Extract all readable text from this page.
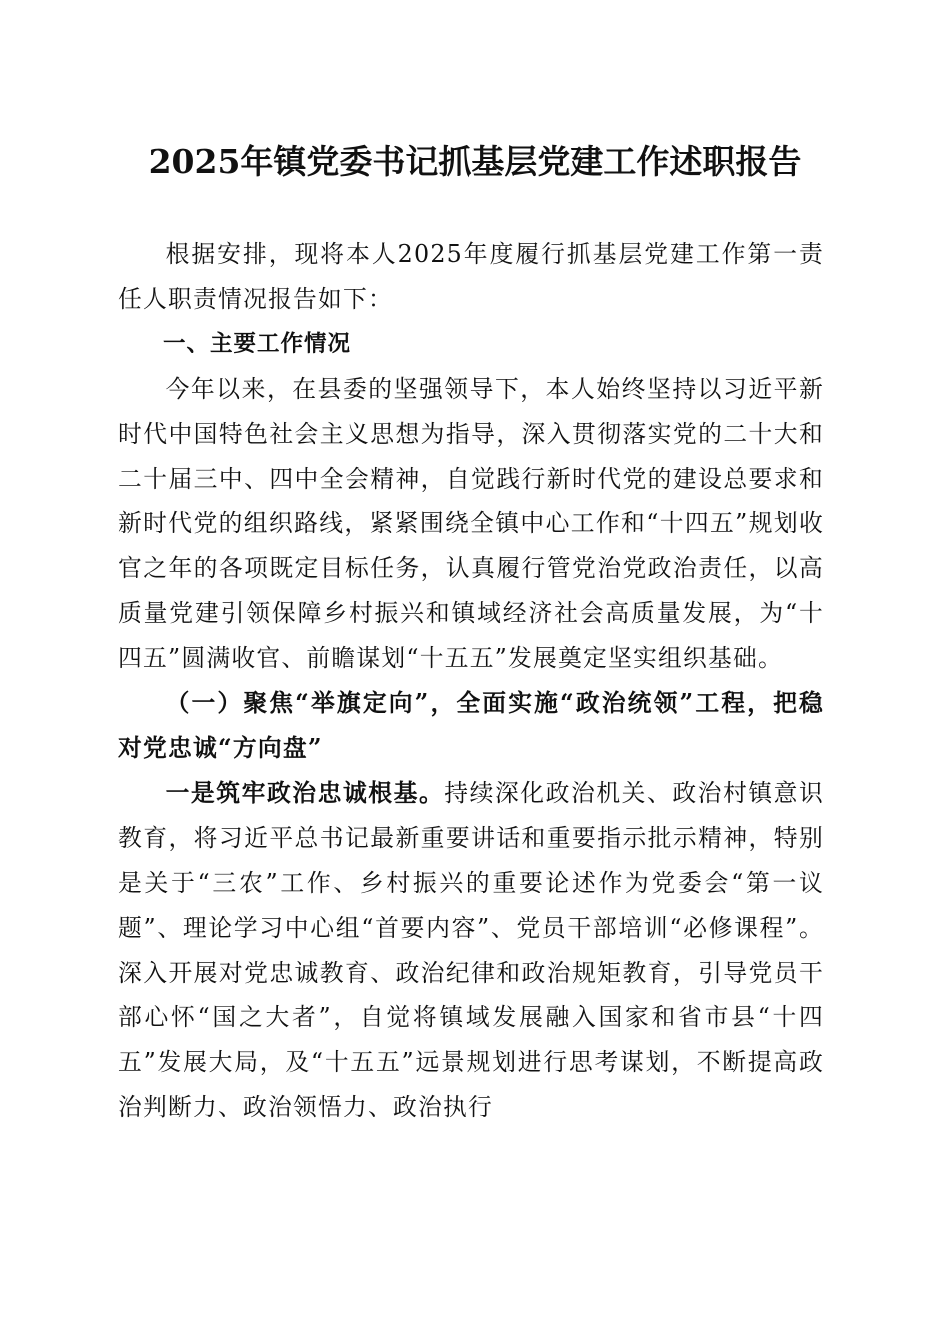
2025年镇党委书记抓基层党建工作述职报告

根据安排，现将本人2025年度履行抓基层党建工作第一责任人职责情况报告如下：

一、主要工作情况

今年以来，在县委的坚强领导下，本人始终坚持以习近平新时代中国特色社会主义思想为指导，深入贯彻落实党的二十大和二十届三中、四中全会精神，自觉践行新时代党的建设总要求和新时代党的组织路线，紧紧围绕全镇中心工作和“十四五”规划收官之年的各项既定目标任务，认真履行管党治党政治责任，以高质量党建引领保障乡村振兴和镇域经济社会高质量发展，为“十四五”圆满收官、前瞻谋划“十五五”发展奠定坚实组织基础。

（一）聚焦“举旗定向”，全面实施“政治统领”工程，把稳对党忠诚“方向盘”

一是筑牢政治忠诚根基。持续深化政治机关、政治村镇意识教育，将习近平总书记最新重要讲话和重要指示批示精神，特别是关于“三农”工作、乡村振兴的重要论述作为党委会“第一议题”、理论学习中心组“首要内容”、党员干部培训“必修课程”。深入开展对党忠诚教育、政治纪律和政治规矩教育，引导党员干部心怀“国之大者”，自觉将镇域发展融入国家和省市县“十四五”发展大局，及“十五五”远景规划进行思考谋划，不断提高政治判断力、政治领悟力、政治执行
